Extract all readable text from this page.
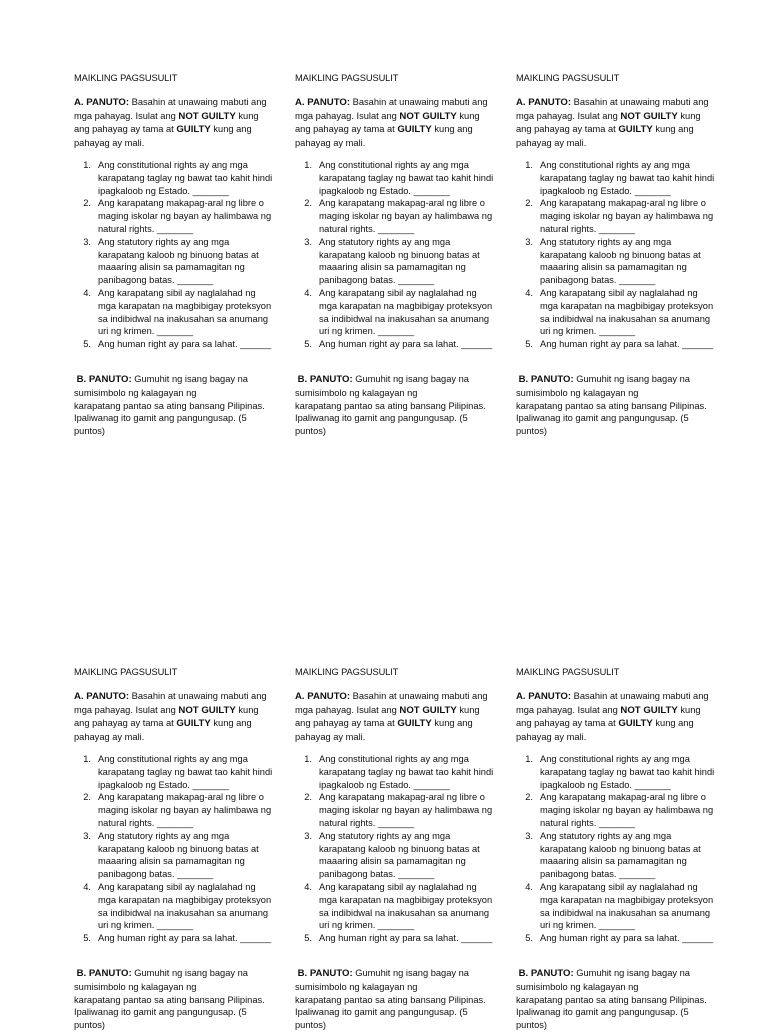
MAIKLING PAGSUSULIT
A. PANUTO: Basahin at unawaing mabuti ang mga pahayag. Isulat ang NOT GUILTY kung ang pahayag ay tama at GUILTY kung ang pahayag ay mali.
1. Ang constitutional rights ay ang mga karapatang taglay ng bawat tao kahit hindi ipagkaloob ng Estado. _______
2. Ang karapatang makapag-aral ng libre o maging iskolar ng bayan ay halimbawa ng natural rights. _______
3. Ang statutory rights ay ang mga karapatang kaloob ng binuong batas at maaaring alisin sa pamamagitan ng panibagong batas. _______
4. Ang karapatang sibil ay naglalahad ng mga karapatan na magbibigay proteksyon sa indibidwal na inakusahan sa anumang uri ng krimen. _______
5. Ang human right ay para sa lahat. ______
B. PANUTO: Gumuhit ng isang bagay na
sumisimbolo ng kalagayan ng
karapatang pantao sa ating bansang Pilipinas.
Ipaliwanag ito gamit ang pangungusap. (5
puntos)
MAIKLING PAGSUSULIT
A. PANUTO: Basahin at unawaing mabuti ang mga pahayag. Isulat ang NOT GUILTY kung ang pahayag ay tama at GUILTY kung ang pahayag ay mali.
1. Ang constitutional rights ay ang mga karapatang taglay ng bawat tao kahit hindi ipagkaloob ng Estado. _______
2. Ang karapatang makapag-aral ng libre o maging iskolar ng bayan ay halimbawa ng natural rights. _______
3. Ang statutory rights ay ang mga karapatang kaloob ng binuong batas at maaaring alisin sa pamamagitan ng panibagong batas. _______
4. Ang karapatang sibil ay naglalahad ng mga karapatan na magbibigay proteksyon sa indibidwal na inakusahan sa anumang uri ng krimen. _______
5. Ang human right ay para sa lahat. ______
B. PANUTO: Gumuhit ng isang bagay na
sumisimbolo ng kalagayan ng
karapatang pantao sa ating bansang Pilipinas.
Ipaliwanag ito gamit ang pangungusap. (5
puntos)
MAIKLING PAGSUSULIT
A. PANUTO: Basahin at unawaing mabuti ang mga pahayag. Isulat ang NOT GUILTY kung ang pahayag ay tama at GUILTY kung ang pahayag ay mali.
1. Ang constitutional rights ay ang mga karapatang taglay ng bawat tao kahit hindi ipagkaloob ng Estado. _______
2. Ang karapatang makapag-aral ng libre o maging iskolar ng bayan ay halimbawa ng natural rights. _______
3. Ang statutory rights ay ang mga karapatang kaloob ng binuong batas at maaaring alisin sa pamamagitan ng panibagong batas. _______
4. Ang karapatang sibil ay naglalahad ng mga karapatan na magbibigay proteksyon sa indibidwal na inakusahan sa anumang uri ng krimen. _______
5. Ang human right ay para sa lahat. ______
B. PANUTO: Gumuhit ng isang bagay na
sumisimbolo ng kalagayan ng
karapatang pantao sa ating bansang Pilipinas.
Ipaliwanag ito gamit ang pangungusap. (5
puntos)
MAIKLING PAGSUSULIT
A. PANUTO: Basahin at unawaing mabuti ang mga pahayag. Isulat ang NOT GUILTY kung ang pahayag ay tama at GUILTY kung ang pahayag ay mali.
1. Ang constitutional rights ay ang mga karapatang taglay ng bawat tao kahit hindi ipagkaloob ng Estado. _______
2. Ang karapatang makapag-aral ng libre o maging iskolar ng bayan ay halimbawa ng natural rights. _______
3. Ang statutory rights ay ang mga karapatang kaloob ng binuong batas at maaaring alisin sa pamamagitan ng panibagong batas. _______
4. Ang karapatang sibil ay naglalahad ng mga karapatan na magbibigay proteksyon sa indibidwal na inakusahan sa anumang uri ng krimen. _______
5. Ang human right ay para sa lahat. ______
B. PANUTO: Gumuhit ng isang bagay na
sumisimbolo ng kalagayan ng
karapatang pantao sa ating bansang Pilipinas.
Ipaliwanag ito gamit ang pangungusap. (5
puntos)
MAIKLING PAGSUSULIT
A. PANUTO: Basahin at unawaing mabuti ang mga pahayag. Isulat ang NOT GUILTY kung ang pahayag ay tama at GUILTY kung ang pahayag ay mali.
1. Ang constitutional rights ay ang mga karapatang taglay ng bawat tao kahit hindi ipagkaloob ng Estado. _______
2. Ang karapatang makapag-aral ng libre o maging iskolar ng bayan ay halimbawa ng natural rights. _______
3. Ang statutory rights ay ang mga karapatang kaloob ng binuong batas at maaaring alisin sa pamamagitan ng panibagong batas. _______
4. Ang karapatang sibil ay naglalahad ng mga karapatan na magbibigay proteksyon sa indibidwal na inakusahan sa anumang uri ng krimen. _______
5. Ang human right ay para sa lahat. ______
B. PANUTO: Gumuhit ng isang bagay na
sumisimbolo ng kalagayan ng
karapatang pantao sa ating bansang Pilipinas.
Ipaliwanag ito gamit ang pangungusap. (5
puntos)
MAIKLING PAGSUSULIT
A. PANUTO: Basahin at unawaing mabuti ang mga pahayag. Isulat ang NOT GUILTY kung ang pahayag ay tama at GUILTY kung ang pahayag ay mali.
1. Ang constitutional rights ay ang mga karapatang taglay ng bawat tao kahit hindi ipagkaloob ng Estado. _______
2. Ang karapatang makapag-aral ng libre o maging iskolar ng bayan ay halimbawa ng natural rights. _______
3. Ang statutory rights ay ang mga karapatang kaloob ng binuong batas at maaaring alisin sa pamamagitan ng panibagong batas. _______
4. Ang karapatang sibil ay naglalahad ng mga karapatan na magbibigay proteksyon sa indibidwal na inakusahan sa anumang uri ng krimen. _______
5. Ang human right ay para sa lahat. ______
B. PANUTO: Gumuhit ng isang bagay na
sumisimbolo ng kalagayan ng
karapatang pantao sa ating bansang Pilipinas.
Ipaliwanag ito gamit ang pangungusap. (5
puntos)
